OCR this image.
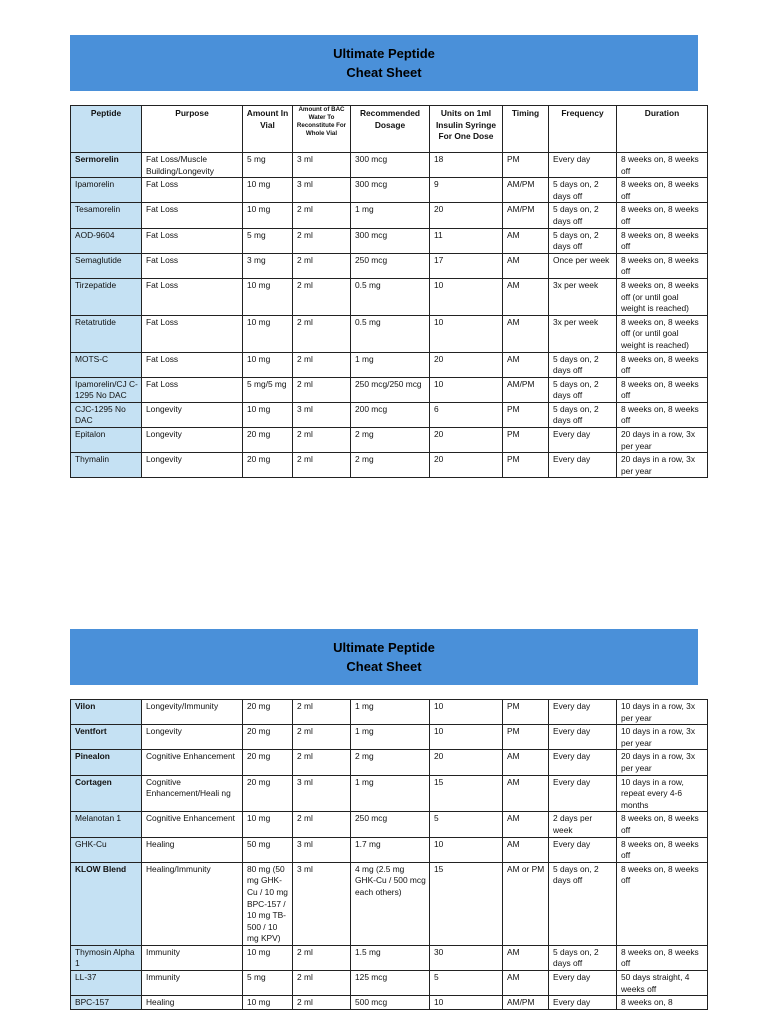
Ultimate Peptide
Cheat Sheet
Peptide	Purpose	Amount In Vial	Amount of BAC Water To Reconstitute For Whole Vial	Recommended Dosage	Units on 1ml Insulin Syringe For One Dose	Timing	Frequency	Duration
Sermorelin	Fat Loss/Muscle Building/Longevity	5 mg	3 ml	300 mcg	18	PM	Every day	8 weeks on, 8 weeks off
Ipamorelin	Fat Loss	10 mg	3 ml	300 mcg	9	AM/PM	5 days on, 2 days off	8 weeks on, 8 weeks off
Tesamorelin	Fat Loss	10 mg	2 ml	1 mg	20	AM/PM	5 days on, 2 days off	8 weeks on, 8 weeks off
AOD-9604	Fat Loss	5 mg	2 ml	300 mcg	11	AM	5 days on, 2 days off	8 weeks on, 8 weeks off
Semaglutide	Fat Loss	3 mg	2 ml	250 mcg	17	AM	Once per week	8 weeks on, 8 weeks off
Tirzepatide	Fat Loss	10 mg	2 ml	0.5 mg	10	AM	3x per week	8 weeks on, 8 weeks off (or until goal weight is reached)
Retatrutide	Fat Loss	10 mg	2 ml	0.5 mg	10	AM	3x per week	8 weeks on, 8 weeks off (or until goal weight is reached)
MOTS-C	Fat Loss	10 mg	2 ml	1 mg	20	AM	5 days on, 2 days off	8 weeks on, 8 weeks off
Ipamorelin/CJ C-1295 No DAC	Fat Loss	5 mg/5 mg	2 ml	250 mcg/250 mcg	10	AM/PM	5 days on, 2 days off	8 weeks on, 8 weeks off
CJC-1295 No DAC	Longevity	10 mg	3 ml	200 mcg	6	PM	5 days on, 2 days off	8 weeks on, 8 weeks off
Epitalon	Longevity	20 mg	2 ml	2 mg	20	PM	Every day	20 days in a row, 3x per year
Thymalin	Longevity	20 mg	2 ml	2 mg	20	PM	Every day	20 days in a row, 3x per year
Ultimate Peptide
Cheat Sheet
Vilon	Longevity/Immunity	20 mg	2 ml	1 mg	10	PM	Every day	10 days in a row, 3x per year
Ventfort	Longevity	20 mg	2 ml	1 mg	10	PM	Every day	10 days in a row, 3x per year
Pinealon	Cognitive Enhancement	20 mg	2 ml	2 mg	20	AM	Every day	20 days in a row, 3x per year
Cortagen	Cognitive Enhancement/Heali ng	20 mg	3 ml	1 mg	15	AM	Every day	10 days in a row, repeat every 4-6 months
Melanotan 1	Cognitive Enhancement	10 mg	2 ml	250 mcg	5	AM	2 days per week	8 weeks on, 8 weeks off
GHK-Cu	Healing	50 mg	3 ml	1.7 mg	10	AM	Every day	8 weeks on, 8 weeks off
KLOW Blend	Healing/Immunity	80 mg (50 mg GHK-Cu / 10 mg BPC-157 / 10 mg TB-500 / 10 mg KPV)	3 ml	4 mg (2.5 mg GHK-Cu / 500 mcg each others)	15	AM or PM	5 days on, 2 days off	8 weeks on, 8 weeks off
Thymosin Alpha 1	Immunity	10 mg	2 ml	1.5 mg	30	AM	5 days on, 2 days off	8 weeks on, 8 weeks off
LL-37	Immunity	5 mg	2 ml	125 mcg	5	AM	Every day	50 days straight, 4 weeks off
BPC-157	Healing	10 mg	2 ml	500 mcg	10	AM/PM	Every day	8 weeks on, 8
